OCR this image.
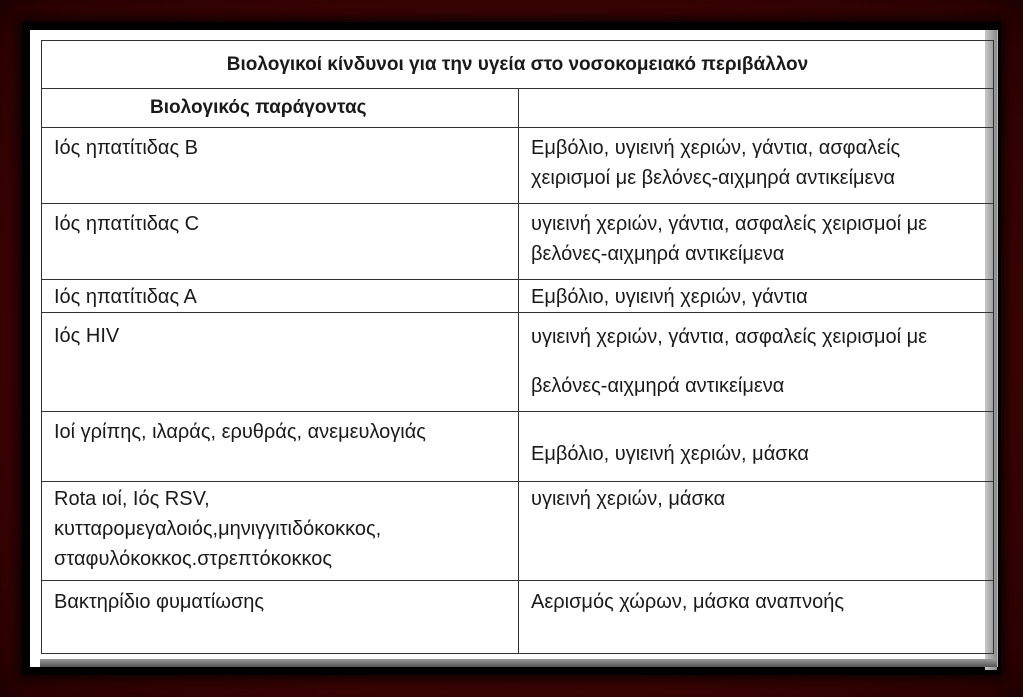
Βιολογικοί κίνδυνοι για την υγεία στο νοσοκομειακό περιβάλλον	
Βιολογικός παράγοντας	

Ιός ηπατίτιδας Β	Εμβόλιο, υγιεινή χεριών, γάντια, ασφαλείς
χειρισμοί με βελόνες-αιχμηρά αντικείμενα

Ιός ηπατίτιδας C	υγιεινή χεριών, γάντια, ασφαλείς χειρισμοί με
βελόνες-αιχμηρά αντικείμενα

Ιός ηπατίτιδας Α	Εμβόλιο, υγιεινή χεριών, γάντια

Ιός HIV	υγιεινή χεριών, γάντια, ασφαλείς χειρισμοί με
βελόνες-αιχμηρά αντικείμενα

Ιοί γρίπης, ιλαράς, ερυθράς, ανεμευλογιάς	Εμβόλιο, υγιεινή χεριών, μάσκα

Rota ιοί, Ιός RSV,
κυτταρομεγαλοιός,μηνιγγιτιδόκοκκος,
σταφυλόκοκκος.στρεπτόκοκκος	υγιεινή χεριών, μάσκα

Βακτηρίδιο φυματίωσης	Αερισμός χώρων, μάσκα αναπνοής
